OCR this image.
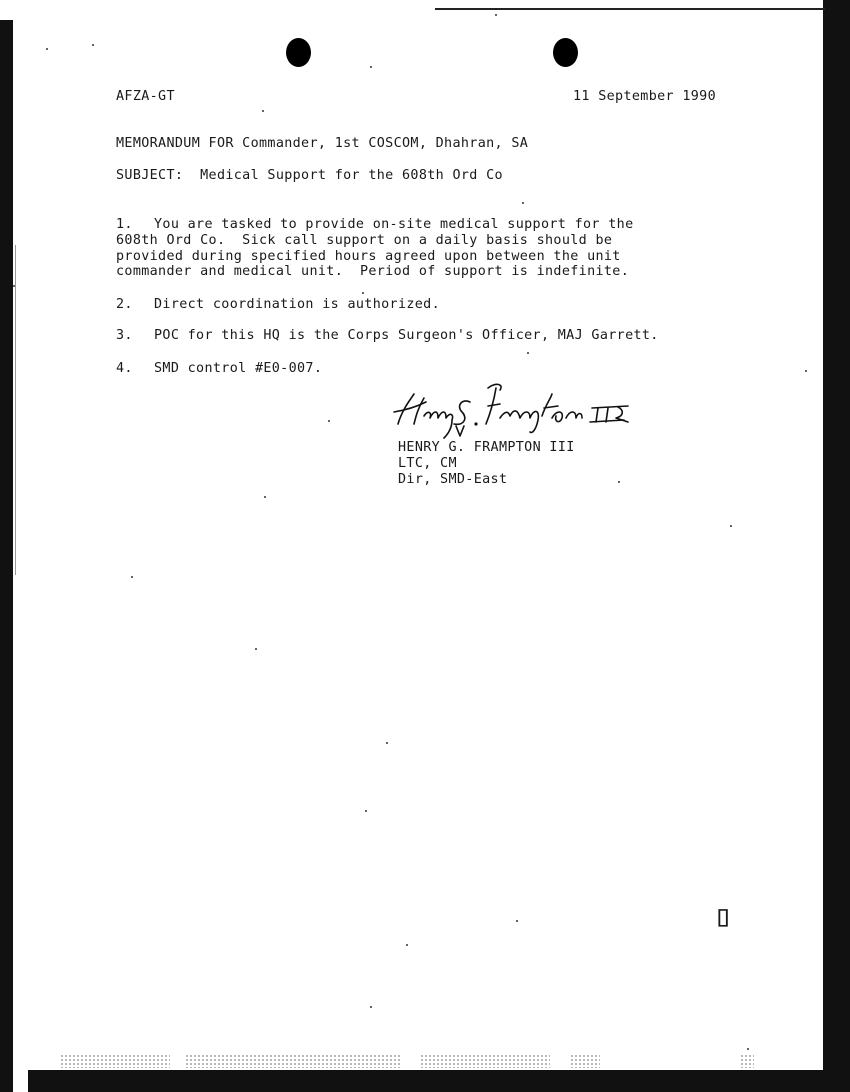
AFZA-GT	11 September 1990
MEMORANDUM FOR Commander, 1st COSCOM, Dhahran, SA
SUBJECT:  Medical Support for the 608th Ord Co
1. You are tasked to provide on-site medical support for the
608th Ord Co.  Sick call support on a daily basis should be
provided during specified hours agreed upon between the unit
commander and medical unit.  Period of support is indefinite.
2. Direct coordination is authorized.
3. POC for this HQ is the Corps Surgeon's Officer, MAJ Garrett.
4. SMD control #E0-007.
HENRY G. FRAMPTON III
LTC, CM
Dir, SMD-East
⌷
